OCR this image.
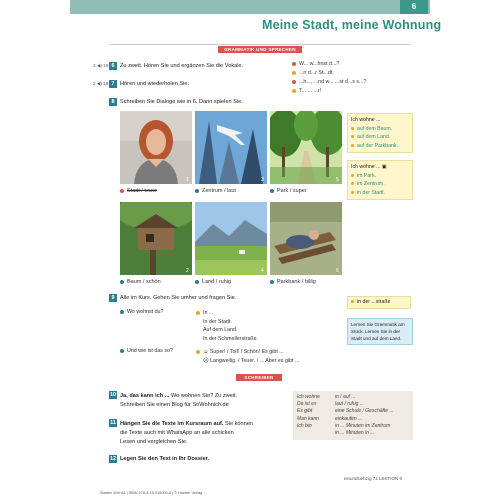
6
Meine Stadt, meine Wohnung
GRAMMATIK UND SPRECHEN
2 ◀) 18 6 Zu zweit. Hören Sie und ergänzen Sie die Vokale.
2 ◀) 19 7 Hören und wiederholen Sie.
W... w...hnst d...?
...n d...r St...dt.
...h..., ...nd w... ...st d...s s...?
T... ... ...r!
8 Schreiben Sie Dialoge wie in 6. Dann spielen Sie.
1	3	5
Stadt / teuer	Zentrum / laut	Park / super
2	4	6
Baum / schön	Land / ruhig	Parkbank / billig
Ich wohne ...
auf dem Baum.
auf dem Land.
auf der Parkbank.
Ich wohne ... ▣
im Park.
im Zentrum.
in der Stadt.
9 Alle im Kurs. Gehen Sie umher und fragen Sie.
Wo wohnst du?	In ...
In der Stadt.
Auf dem Land.
In der Schmellerstraße.
Und wie ist das so?	☺ Super! / Toll! / Schön! Es gibt ...
☹ Langweilig. / Teuer. / ... Aber es gibt ...
in der ...straße
Lernen Sie Grammatik am Stück. Lernen Sie in der Stadt und auf dem Land.
SCHREIBEN
10 Ja, das kann ich ... Wo wohnen Sie? Zu zweit.
Schreiben Sie einen Blog für SoWohnich.de
11 Hängen Sie die Texte im Kursraum auf. Sie können
die Texte auch mit WhatsApp an alle schicken
Lesen und vergleichen Sie.
12 Legen Sie den Text in Ihr Dossier.
Ich wohne	in / auf ...
Da ist es	laut / ruhig ...
Es gibt	eine Schule / Geschäfte ...
Man kann	einkaufen ...
Ich bin	in ... Minuten im Zentrum
in ... Minuten in ...
einundsiebzig 71 LEKTION 6
Starten Wir! A1 | ISBN 978-3-19-016000-6 | © Hueber Verlag
